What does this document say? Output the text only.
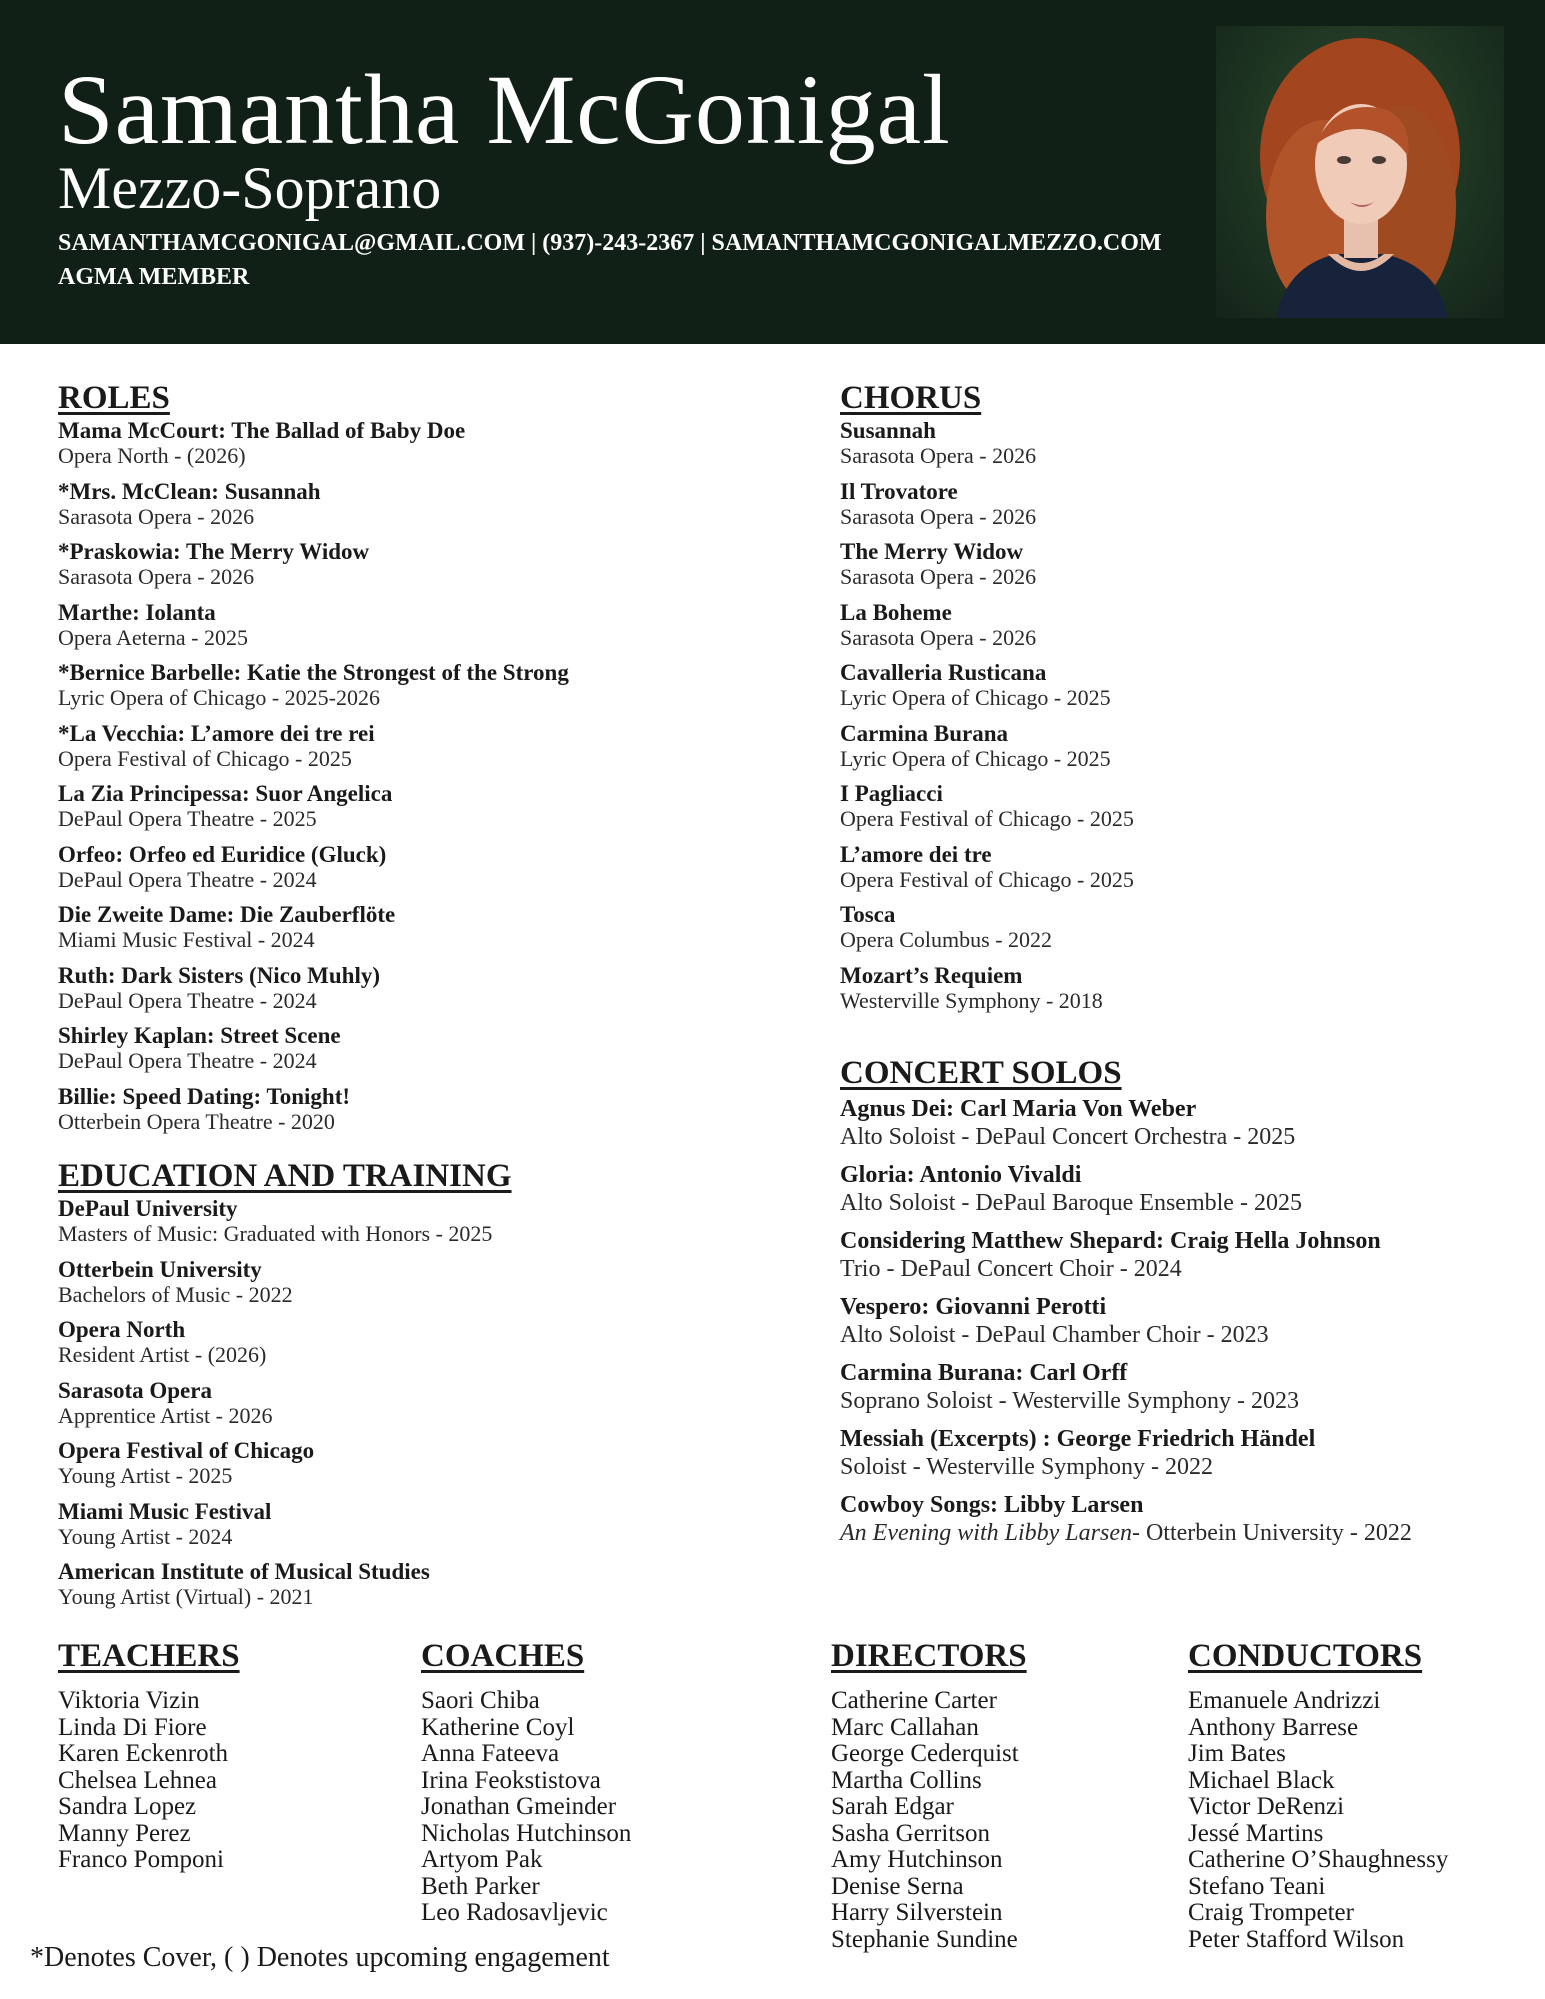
Samantha McGonigal
Mezzo-Soprano
SAMANTHAMCGONIGAL@GMAIL.COM | (937)-243-2367 | SAMANTHAMCGONIGALMEZZO.COM
AGMA MEMBER
ROLES
Mama McCourt: The Ballad of Baby Doe
Opera North - (2026)
*Mrs. McClean: Susannah
Sarasota Opera - 2026
*Praskowia: The Merry Widow
Sarasota Opera - 2026
Marthe: Iolanta
Opera Aeterna - 2025
*Bernice Barbelle: Katie the Strongest of the Strong
Lyric Opera of Chicago - 2025-2026
*La Vecchia: L’amore dei tre rei
Opera Festival of Chicago - 2025
La Zia Principessa: Suor Angelica
DePaul Opera Theatre - 2025
Orfeo: Orfeo ed Euridice (Gluck)
DePaul Opera Theatre - 2024
Die Zweite Dame: Die Zauberflöte
Miami Music Festival - 2024
Ruth: Dark Sisters (Nico Muhly)
DePaul Opera Theatre - 2024
Shirley Kaplan: Street Scene
DePaul Opera Theatre - 2024
Billie: Speed Dating: Tonight!
Otterbein Opera Theatre - 2020
EDUCATION AND TRAINING
DePaul University
Masters of Music: Graduated with Honors - 2025
Otterbein University
Bachelors of Music - 2022
Opera North
Resident Artist - (2026)
Sarasota Opera
Apprentice Artist - 2026
Opera Festival of Chicago
Young Artist - 2025
Miami Music Festival
Young Artist - 2024
American Institute of Musical Studies
Young Artist (Virtual) - 2021
CHORUS
Susannah
Sarasota Opera - 2026
Il Trovatore
Sarasota Opera - 2026
The Merry Widow
Sarasota Opera - 2026
La Boheme
Sarasota Opera - 2026
Cavalleria Rusticana
Lyric Opera of Chicago - 2025
Carmina Burana
Lyric Opera of Chicago - 2025
I Pagliacci
Opera Festival of Chicago - 2025
L’amore dei tre
Opera Festival of Chicago - 2025
Tosca
Opera Columbus - 2022
Mozart’s Requiem
Westerville Symphony - 2018
CONCERT SOLOS
Agnus Dei: Carl Maria Von Weber
Alto Soloist - DePaul Concert Orchestra - 2025
Gloria: Antonio Vivaldi
Alto Soloist - DePaul Baroque Ensemble - 2025
Considering Matthew Shepard: Craig Hella Johnson
Trio - DePaul Concert Choir - 2024
Vespero: Giovanni Perotti
Alto Soloist - DePaul Chamber Choir - 2023
Carmina Burana: Carl Orff
Soprano Soloist - Westerville Symphony - 2023
Messiah (Excerpts) : George Friedrich Händel
Soloist - Westerville Symphony - 2022
Cowboy Songs: Libby Larsen
An Evening with Libby Larsen- Otterbein University - 2022
TEACHERS
Viktoria Vizin
Linda Di Fiore
Karen Eckenroth
Chelsea Lehnea
Sandra Lopez
Manny Perez
Franco Pomponi
COACHES
Saori Chiba
Katherine Coyl
Anna Fateeva
Irina Feokstistova
Jonathan Gmeinder
Nicholas Hutchinson
Artyom Pak
Beth Parker
Leo Radosavljevic
DIRECTORS
Catherine Carter
Marc Callahan
George Cederquist
Martha Collins
Sarah Edgar
Sasha Gerritson
Amy Hutchinson
Denise Serna
Harry Silverstein
Stephanie Sundine
CONDUCTORS
Emanuele Andrizzi
Anthony Barrese
Jim Bates
Michael Black
Victor DeRenzi
Jessé Martins
Catherine O’Shaughnessy
Stefano Teani
Craig Trompeter
Peter Stafford Wilson
*Denotes Cover, ( ) Denotes upcoming engagement
